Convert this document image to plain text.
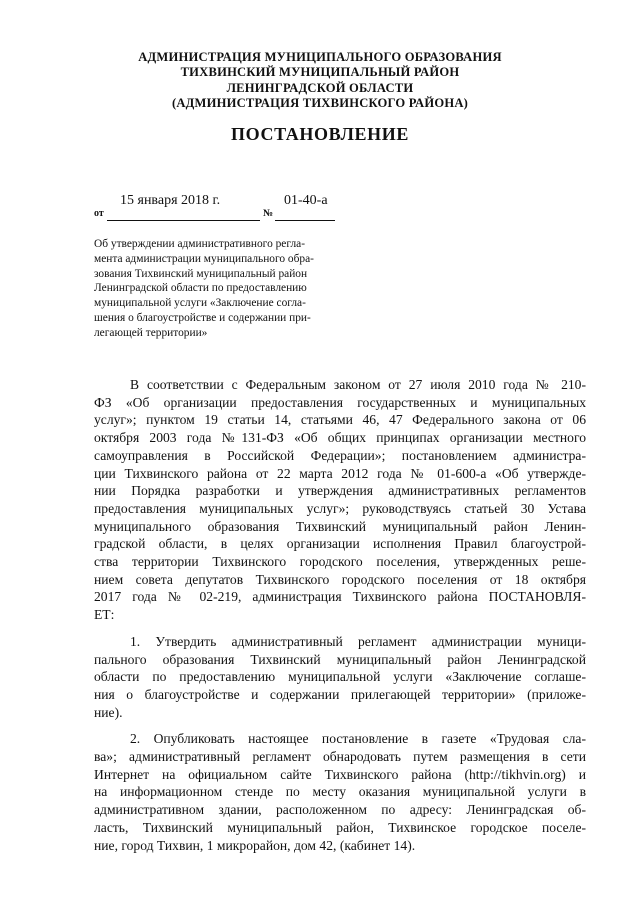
АДМИНИСТРАЦИЯ МУНИЦИПАЛЬНОГО ОБРАЗОВАНИЯ
ТИХВИНСКИЙ МУНИЦИПАЛЬНЫЙ РАЙОН
ЛЕНИНГРАДСКОЙ ОБЛАСТИ
(АДМИНИСТРАЦИЯ ТИХВИНСКОГО РАЙОНА)
ПОСТАНОВЛЕНИЕ
15 января 2018 г.	01-40-а
от	№
Об утверждении административного регла-
мента администрации муниципального обра-
зования Тихвинский муниципальный район
Ленинградской области по предоставлению
муниципальной услуги «Заключение согла-
шения о благоустройстве и содержании при-
легающей территории»
В соответствии с Федеральным законом от 27 июля 2010 года № 210-
ФЗ «Об организации предоставления государственных и муниципальных
услуг»; пунктом 19 статьи 14, статьями 46, 47 Федерального закона от 06
октября 2003 года №131-ФЗ «Об общих принципах организации местного
самоуправления в Российской Федерации»; постановлением администра-
ции Тихвинского района от 22 марта 2012 года № 01-600-а «Об утвержде-
нии Порядка разработки и утверждения административных регламентов
предоставления муниципальных услуг»; руководствуясь статьей 30 Устава
муниципального образования Тихвинский муниципальный район Ленин-
градской области, в целях организации исполнения Правил благоустрой-
ства территории Тихвинского городского поселения, утвержденных реше-
нием совета депутатов Тихвинского городского поселения от 18 октября
2017 года № 02-219, администрация Тихвинского района ПОСТАНОВЛЯ-
ЕТ:
1. Утвердить административный регламент администрации муници-
пального образования Тихвинский муниципальный район Ленинградской
области по предоставлению муниципальной услуги «Заключение соглаше-
ния о благоустройстве и содержании прилегающей территории» (приложе-
ние).
2. Опубликовать настоящее постановление в газете «Трудовая сла-
ва»; административный регламент обнародовать путем размещения в сети
Интернет на официальном сайте Тихвинского района (http://tikhvin.org) и
на информационном стенде по месту оказания муниципальной услуги в
административном здании, расположенном по адресу: Ленинградская об-
ласть, Тихвинский муниципальный район, Тихвинское городское поселе-
ние, город Тихвин, 1 микрорайон, дом 42, (кабинет 14).
